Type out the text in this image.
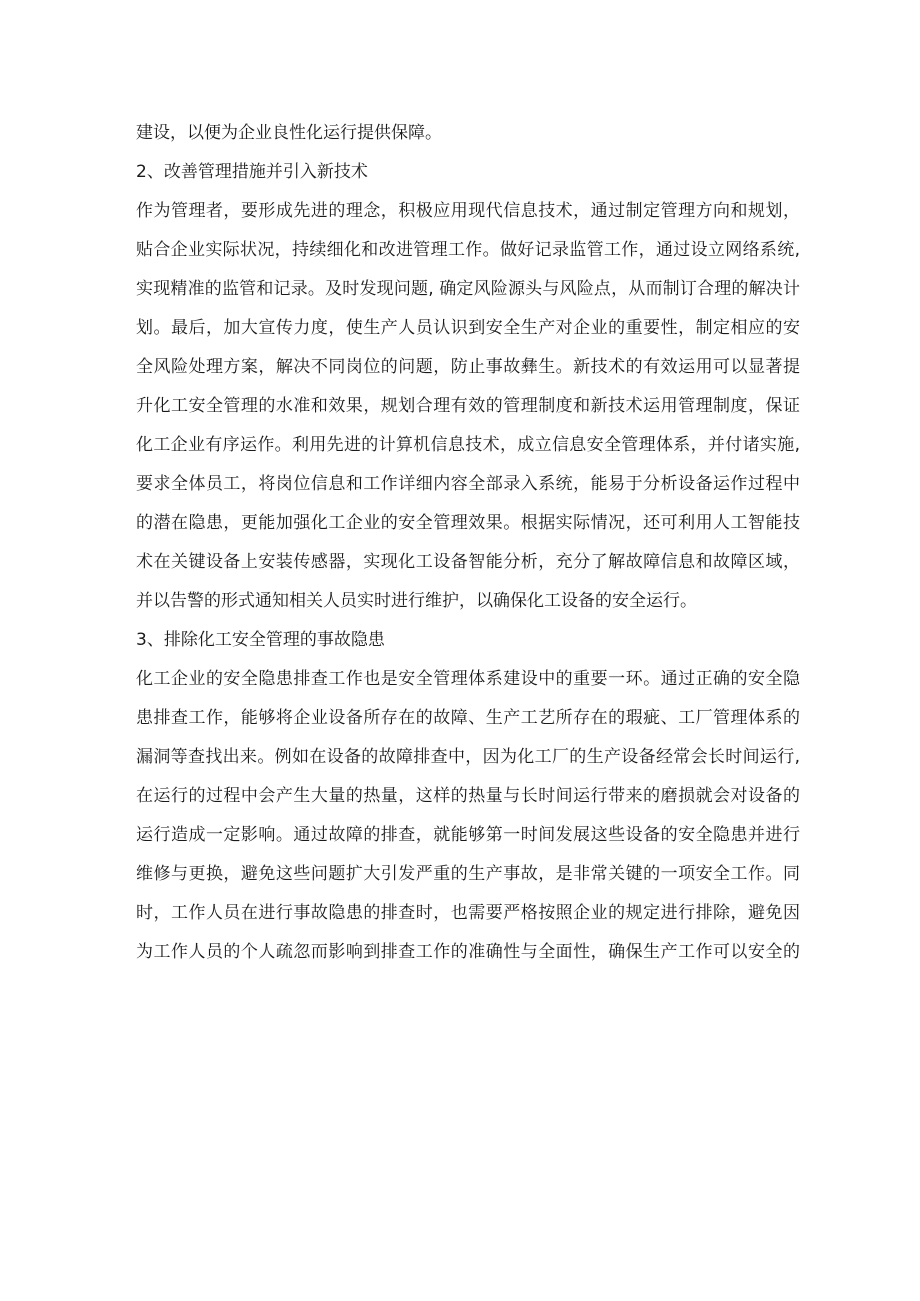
建设，以便为企业良性化运行提供保障。
2、改善管理措施并引入新技术
作为管理者，要形成先进的理念，积极应用现代信息技术，通过制定管理方向和规划，
贴合企业实际状况，持续细化和改进管理工作。做好记录监管工作，通过设立网络系统,
实现精准的监管和记录。及时发现问题, 确定风险源头与风险点，从而制订合理的解决计
划。最后，加大宣传力度，使生产人员认识到安全生产对企业的重要性，制定相应的安
全风险处理方案，解决不同岗位的问题，防止事故彝生。新技术的有效运用可以显著提
升化工安全管理的水准和效果，规划合理有效的管理制度和新技术运用管理制度，保证
化工企业有序运作。利用先进的计算机信息技术，成立信息安全管理体系，并付诸实施,
要求全体员工，将岗位信息和工作详细内容全部录入系统，能易于分析设备运作过程中
的潜在隐患，更能加强化工企业的安全管理效果。根据实际情况，还可利用人工智能技
术在关键设备上安装传感器，实现化工设备智能分析，充分了解故障信息和故障区域，
并以告警的形式通知相关人员实时进行维护，以确保化工设备的安全运行。
3、排除化工安全管理的事故隐患
化工企业的安全隐患排查工作也是安全管理体系建设中的重要一环。通过正确的安全隐
患排查工作，能够将企业设备所存在的故障、生产工艺所存在的瑕疵、工厂管理体系的
漏洞等查找出来。例如在设备的故障排查中，因为化工厂的生产设备经常会长时间运行,
在运行的过程中会产生大量的热量，这样的热量与长时间运行带来的磨损就会对设备的
运行造成一定影响。通过故障的排查，就能够第一时间发展这些设备的安全隐患并进行
维修与更换，避免这些问题扩大引发严重的生产事故，是非常关键的一项安全工作。同
时，工作人员在进行事故隐患的排查时，也需要严格按照企业的规定进行排除，避免因
为工作人员的个人疏忽而影响到排查工作的准确性与全面性，确保生产工作可以安全的
